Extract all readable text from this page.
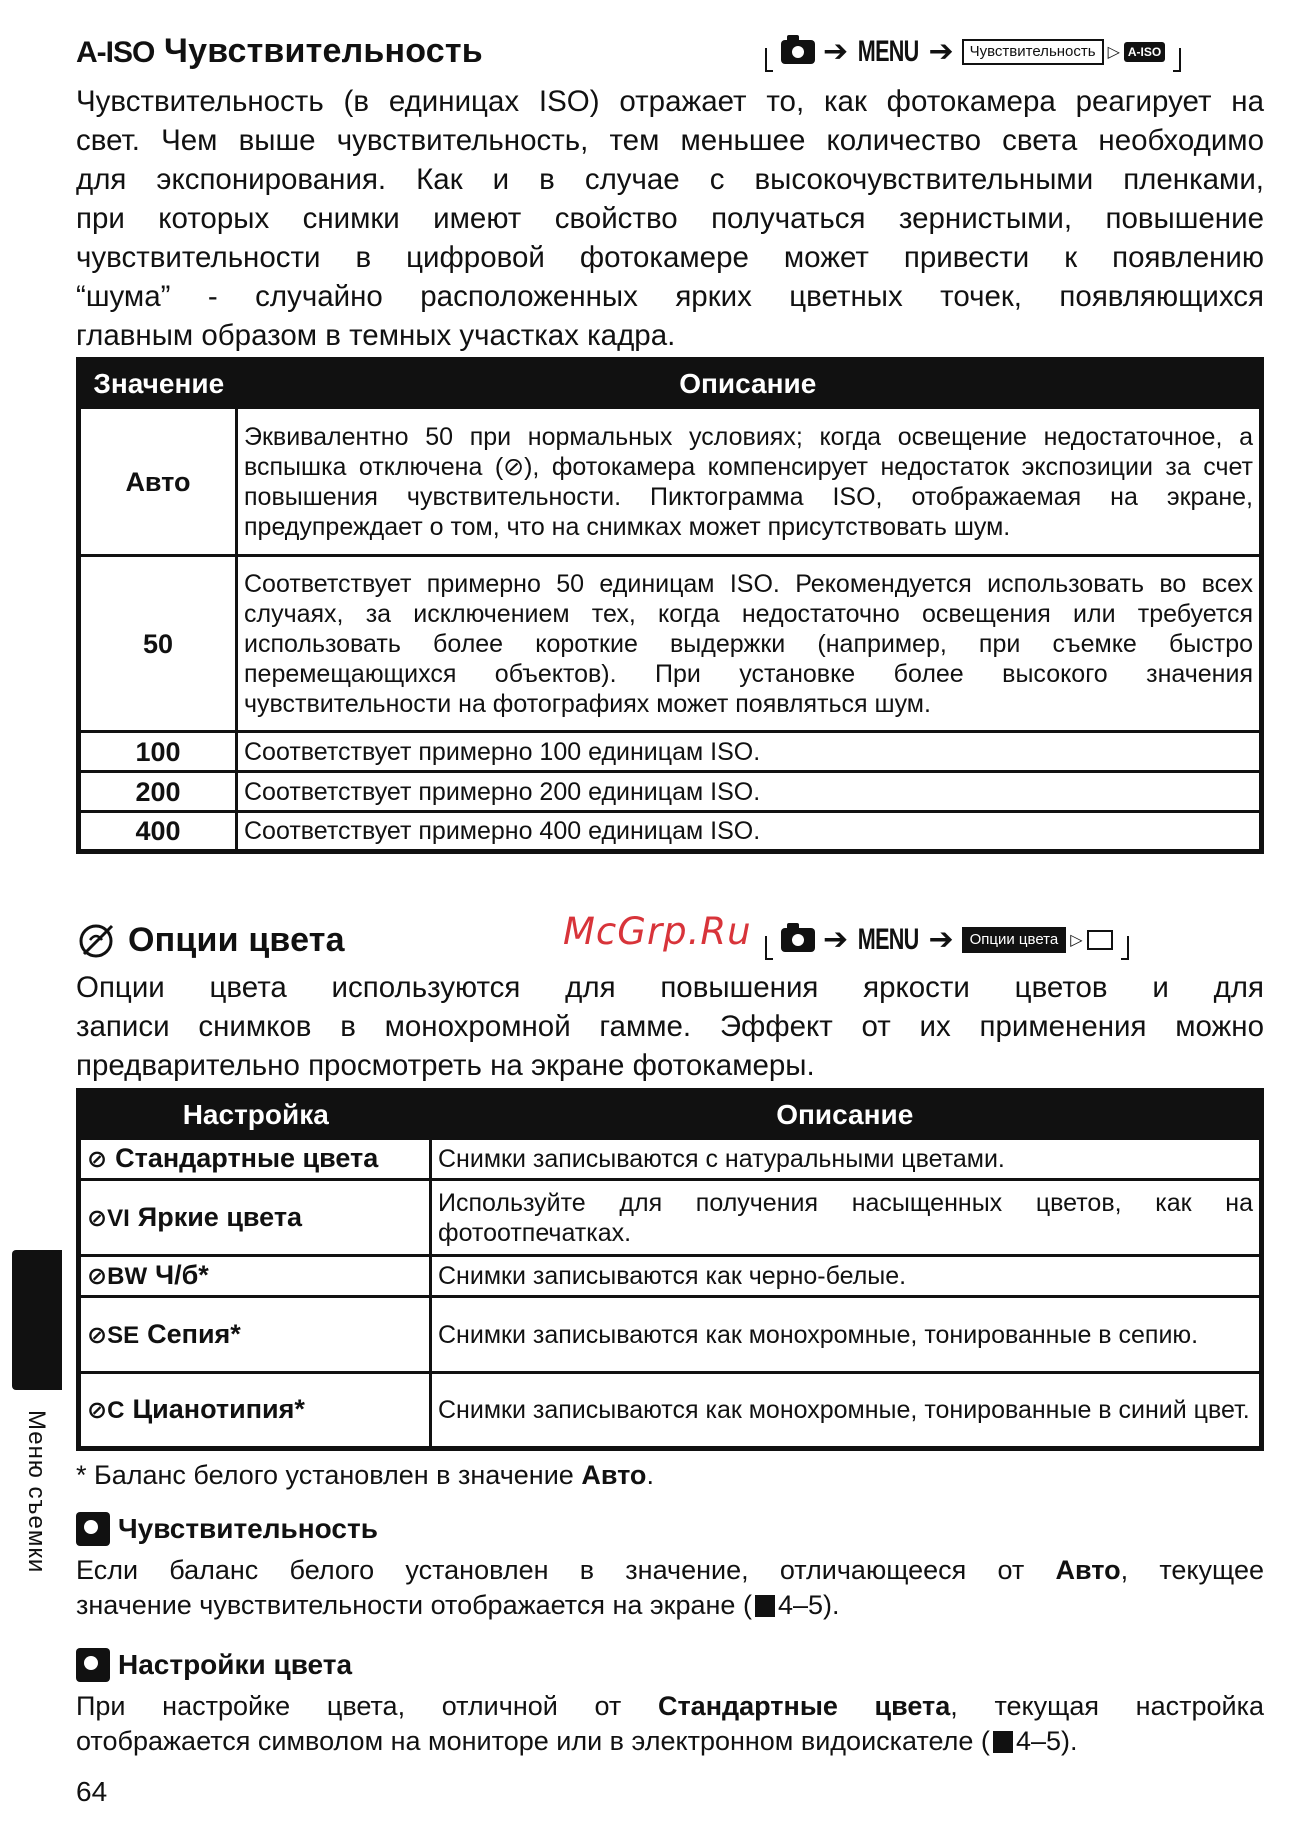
A-ISO Чувствительность	➔ MENU ➔	Чувствительность ▷ A-ISO
Чувствительность (в единицах ISO) отражает то, как фотокамера реагирует на
свет. Чем выше чувствительность, тем меньшее количество света необходимо
для экспонирования. Как и в случае с высокочувствительными пленками,
при которых снимки имеют свойство получаться зернистыми, повышение
чувствительности в цифровой фотокамере может привести к появлению
“шума” - случайно расположенных ярких цветных точек, появляющихся
главным образом в темных участках кадра.
Значение	Описание
Авто	Эквивалентно 50 при нормальных условиях; когда освещение недостаточное, а вспышка отключена (⊘), фотокамера компенсирует недостаток экспозиции за счет повышения чувствительности. Пиктограмма ISO, отображаемая на экране, предупреждает о том, что на снимках может присутствовать шум.
50	Соответствует примерно 50 единицам ISO. Рекомендуется использовать во всех случаях, за исключением тех, когда недостаточно освещения или требуется использовать более короткие выдержки (например, при съемке быстро перемещающихся объектов). При установке более высокого значения чувствительности на фотографиях может появляться шум.
100	Соответствует примерно 100 единицам ISO.
200	Соответствует примерно 200 единицам ISO.
400	Соответствует примерно 400 единицам ISO.
Опции цвета	McGrp.Ru ➔ MENU ➔	Опции цвета ▷
Опции цвета используются для повышения яркости цветов и для
записи снимков в монохромной гамме. Эффект от их применения можно
предварительно просмотреть на экране фотокамеры.
Настройка	Описание
⊘ Стандартные цвета	Снимки записываются с натуральными цветами.
⊘VI Яркие цвета	Используйте для получения насыщенных цветов, как на фотоотпечатках.
⊘BW Ч/б*	Снимки записываются как черно-белые.
⊘SE Сепия*	Снимки записываются как монохромные, тонированные в сепию.
⊘C Цианотипия*	Снимки записываются как монохромные, тонированные в синий цвет.
* Баланс белого установлен в значение Авто.
Чувствительность
Если баланс белого установлен в значение, отличающееся от Авто, текущее
значение чувствительности отображается на экране ( 4–5).
Настройки цвета
При настройке цвета, отличной от Стандартные цвета, текущая настройка
отображается символом на мониторе или в электронном видоискателе ( 4–5).
Меню съемки
64
